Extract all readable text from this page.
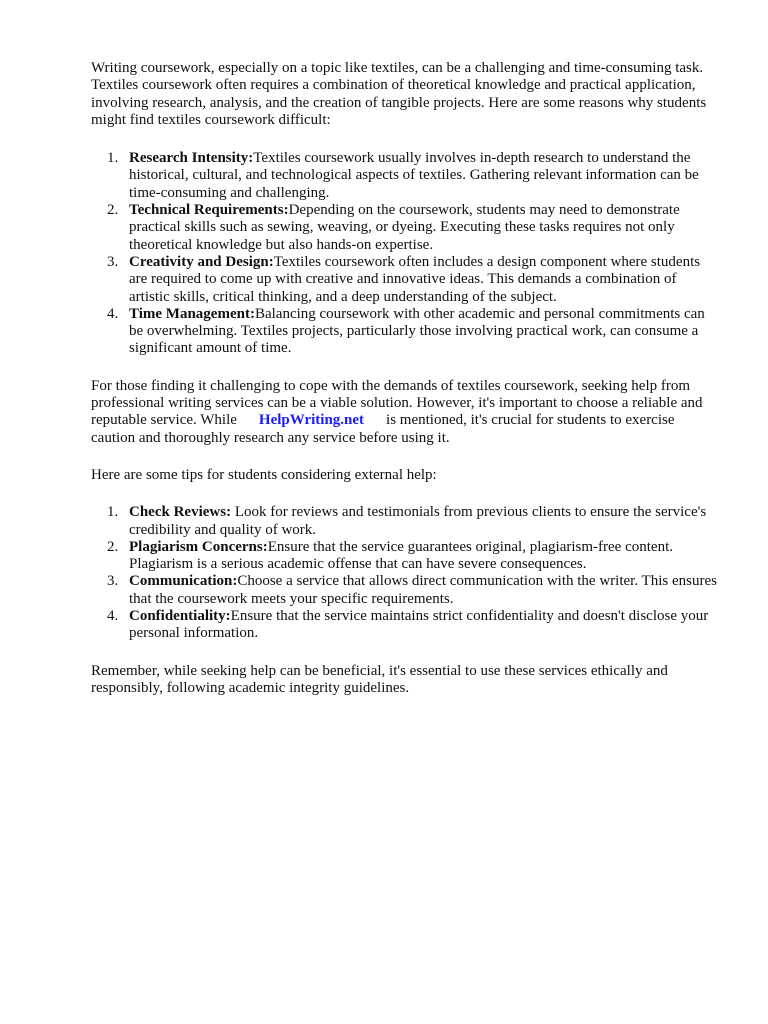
Writing coursework, especially on a topic like textiles, can be a challenging and time-consuming task. Textiles coursework often requires a combination of theoretical knowledge and practical application, involving research, analysis, and the creation of tangible projects. Here are some reasons why students might find textiles coursework difficult:

1. Research Intensity:Textiles coursework usually involves in-depth research to understand the historical, cultural, and technological aspects of textiles. Gathering relevant information can be time-consuming and challenging.
2. Technical Requirements:Depending on the coursework, students may need to demonstrate practical skills such as sewing, weaving, or dyeing. Executing these tasks requires not only theoretical knowledge but also hands-on expertise.
3. Creativity and Design:Textiles coursework often includes a design component where students are required to come up with creative and innovative ideas. This demands a combination of artistic skills, critical thinking, and a deep understanding of the subject.
4. Time Management:Balancing coursework with other academic and personal commitments can be overwhelming. Textiles projects, particularly those involving practical work, can consume a significant amount of time.

For those finding it challenging to cope with the demands of textiles coursework, seeking help from professional writing services can be a viable solution. However, it's important to choose a reliable and reputable service. While HelpWriting.net is mentioned, it's crucial for students to exercise caution and thoroughly research any service before using it.

Here are some tips for students considering external help:

1. Check Reviews: Look for reviews and testimonials from previous clients to ensure the service's credibility and quality of work.
2. Plagiarism Concerns:Ensure that the service guarantees original, plagiarism-free content. Plagiarism is a serious academic offense that can have severe consequences.
3. Communication:Choose a service that allows direct communication with the writer. This ensures that the coursework meets your specific requirements.
4. Confidentiality:Ensure that the service maintains strict confidentiality and doesn't disclose your personal information.

Remember, while seeking help can be beneficial, it's essential to use these services ethically and responsibly, following academic integrity guidelines.
